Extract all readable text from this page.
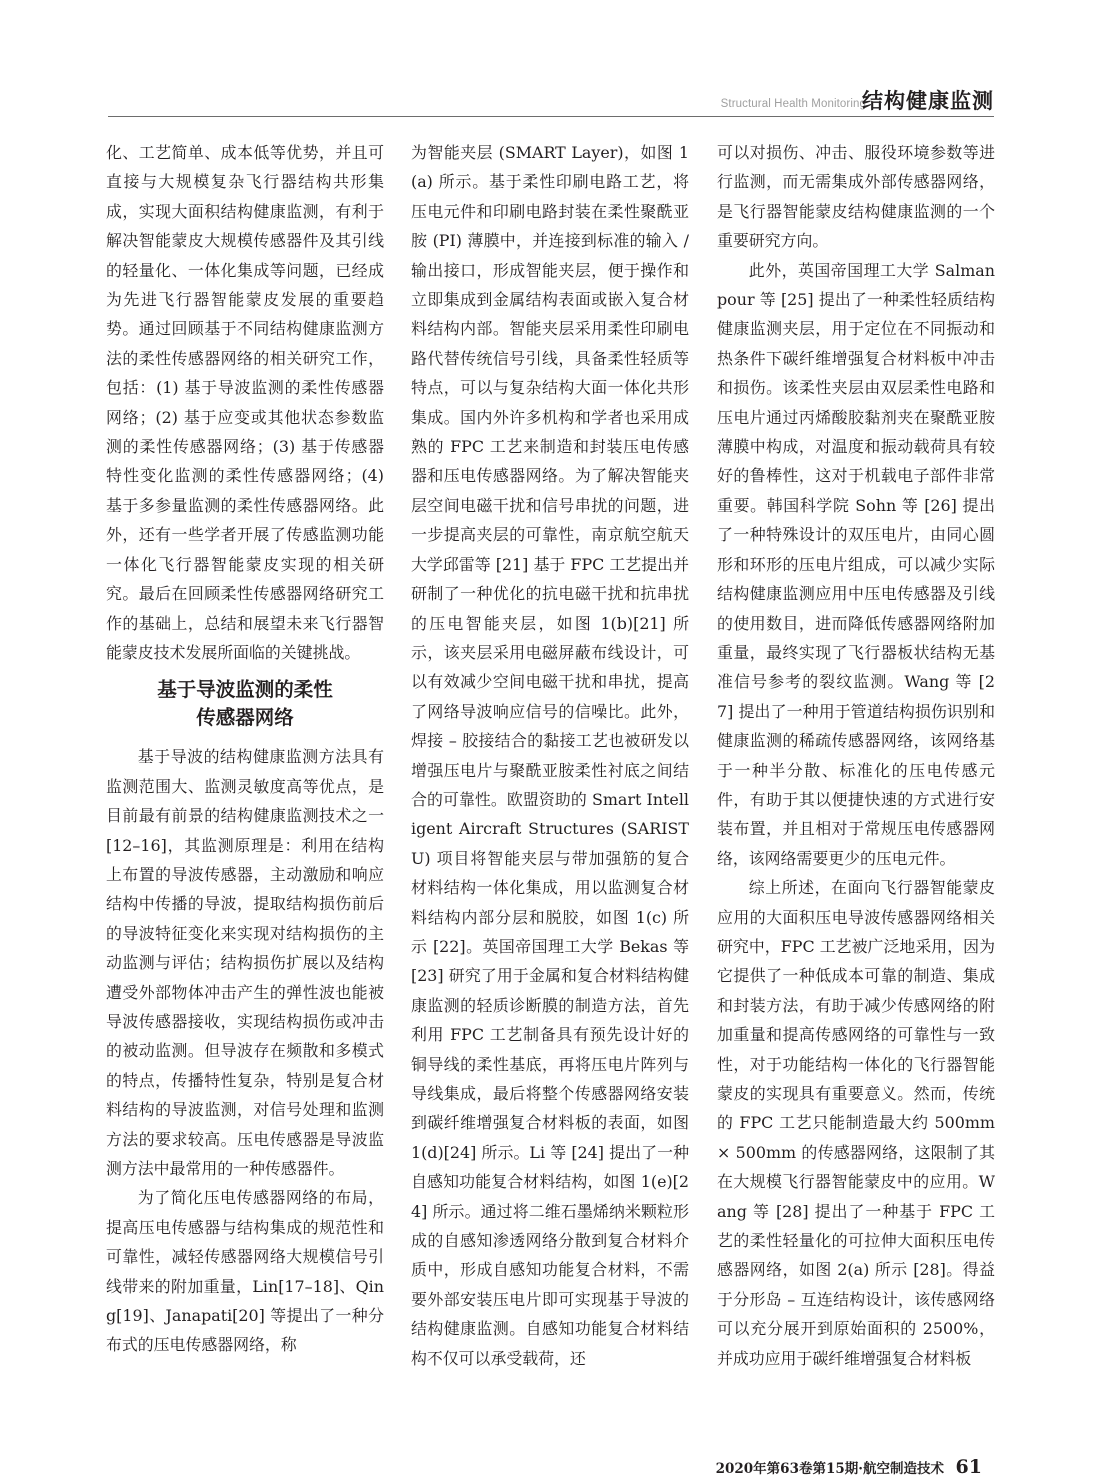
Structural Health Monitoring
结构健康监测

化、工艺简单、成本低等优势，并且可直接与大规模复杂飞行器结构共形集成，实现大面积结构健康监测，有利于解决智能蒙皮大规模传感器件及其引线的轻量化、一体化集成等问题，已经成为先进飞行器智能蒙皮发展的重要趋势。通过回顾基于不同结构健康监测方法的柔性传感器网络的相关研究工作，包括：(1) 基于导波监测的柔性传感器网络；(2) 基于应变或其他状态参数监测的柔性传感器网络；(3) 基于传感器特性变化监测的柔性传感器网络；(4) 基于多参量监测的柔性传感器网络。此外，还有一些学者开展了传感监测功能一体化飞行器智能蒙皮实现的相关研究。最后在回顾柔性传感器网络研究工作的基础上，总结和展望未来飞行器智能蒙皮技术发展所面临的关键挑战。

基于导波监测的柔性
传感器网络

基于导波的结构健康监测方法具有监测范围大、监测灵敏度高等优点，是目前最有前景的结构健康监测技术之一 [12–16]，其监测原理是：利用在结构上布置的导波传感器，主动激励和响应结构中传播的导波，提取结构损伤前后的导波特征变化来实现对结构损伤的主动监测与评估；结构损伤扩展以及结构遭受外部物体冲击产生的弹性波也能被导波传感器接收，实现结构损伤或冲击的被动监测。但导波存在频散和多模式的特点，传播特性复杂，特别是复合材料结构的导波监测，对信号处理和监测方法的要求较高。压电传感器是导波监测方法中最常用的一种传感器件。

为了简化压电传感器网络的布局，提高压电传感器与结构集成的规范性和可靠性，减轻传感器网络大规模信号引线带来的附加重量，Lin[17–18]、Qing[19]、Janapati[20] 等提出了一种分布式的压电传感器网络，称

为智能夹层 (SMART Layer)，如图 1(a) 所示。基于柔性印刷电路工艺，将压电元件和印刷电路封装在柔性聚酰亚胺 (PI) 薄膜中，并连接到标准的输入 / 输出接口，形成智能夹层，便于操作和立即集成到金属结构表面或嵌入复合材料结构内部。智能夹层采用柔性印刷电路代替传统信号引线，具备柔性轻质等特点，可以与复杂结构大面一体化共形集成。国内外许多机构和学者也采用成熟的 FPC 工艺来制造和封装压电传感器和压电传感器网络。为了解决智能夹层空间电磁干扰和信号串扰的问题，进一步提高夹层的可靠性，南京航空航天大学邱雷等 [21] 基于 FPC 工艺提出并研制了一种优化的抗电磁干扰和抗串扰的压电智能夹层，如图 1(b)[21] 所示，该夹层采用电磁屏蔽布线设计，可以有效减少空间电磁干扰和串扰，提高了网络导波响应信号的信噪比。此外，焊接 – 胶接结合的黏接工艺也被研发以增强压电片与聚酰亚胺柔性衬底之间结合的可靠性。欧盟资助的 Smart Intelligent Aircraft Structures (SARISTU) 项目将智能夹层与带加强筋的复合材料结构一体化集成，用以监测复合材料结构内部分层和脱胶，如图 1(c) 所示 [22]。英国帝国理工大学 Bekas 等 [23] 研究了用于金属和复合材料结构健康监测的轻质诊断膜的制造方法，首先利用 FPC 工艺制备具有预先设计好的铜导线的柔性基底，再将压电片阵列与导线集成，最后将整个传感器网络安装到碳纤维增强复合材料板的表面，如图 1(d)[24] 所示。Li 等 [24] 提出了一种自感知功能复合材料结构，如图 1(e)[24] 所示。通过将二维石墨烯纳米颗粒形成的自感知渗透网络分散到复合材料介质中，形成自感知功能复合材料，不需要外部安装压电片即可实现基于导波的结构健康监测。自感知功能复合材料结构不仅可以承受载荷，还

可以对损伤、冲击、服役环境参数等进行监测，而无需集成外部传感器网络，是飞行器智能蒙皮结构健康监测的一个重要研究方向。

此外，英国帝国理工大学 Salmanpour 等 [25] 提出了一种柔性轻质结构健康监测夹层，用于定位在不同振动和热条件下碳纤维增强复合材料板中冲击和损伤。该柔性夹层由双层柔性电路和压电片通过丙烯酸胶黏剂夹在聚酰亚胺薄膜中构成，对温度和振动载荷具有较好的鲁棒性，这对于机载电子部件非常重要。韩国科学院 Sohn 等 [26] 提出了一种特殊设计的双压电片，由同心圆形和环形的压电片组成，可以减少实际结构健康监测应用中压电传感器及引线的使用数目，进而降低传感器网络附加重量，最终实现了飞行器板状结构无基准信号参考的裂纹监测。Wang 等 [27] 提出了一种用于管道结构损伤识别和健康监测的稀疏传感器网络，该网络基于一种半分散、标准化的压电传感元件，有助于其以便捷快速的方式进行安装布置，并且相对于常规压电传感器网络，该网络需要更少的压电元件。

综上所述，在面向飞行器智能蒙皮应用的大面积压电导波传感器网络相关研究中，FPC 工艺被广泛地采用，因为它提供了一种低成本可靠的制造、集成和封装方法，有助于减少传感网络的附加重量和提高传感网络的可靠性与一致性，对于功能结构一体化的飞行器智能蒙皮的实现具有重要意义。然而，传统的 FPC 工艺只能制造最大约 500mm × 500mm 的传感器网络，这限制了其在大规模飞行器智能蒙皮中的应用。Wang 等 [28] 提出了一种基于 FPC 工艺的柔性轻量化的可拉伸大面积压电传感器网络，如图 2(a) 所示 [28]。得益于分形岛 – 互连结构设计，该传感网络可以充分展开到原始面积的 2500%，并成功应用于碳纤维增强复合材料板

2020年第63卷第15期·航空制造技术 61
